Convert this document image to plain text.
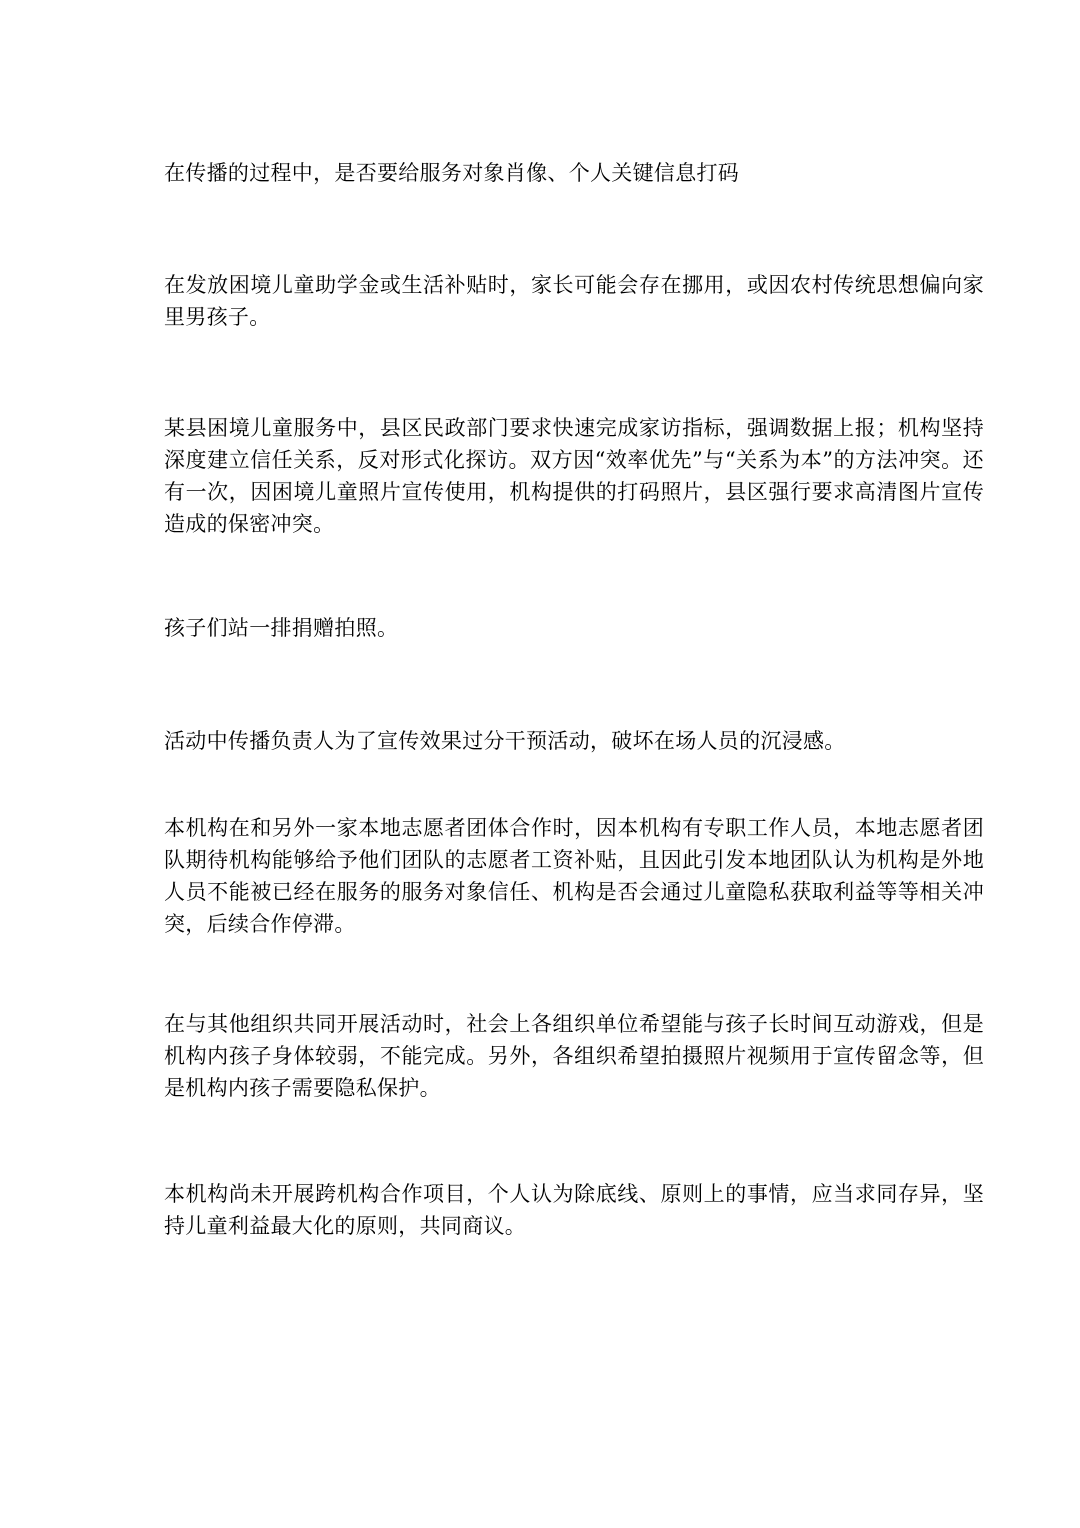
在传播的过程中，是否要给服务对象肖像、个人关键信息打码

在发放困境儿童助学金或生活补贴时，家长可能会存在挪用，或因农村传统思想偏向家里男孩子。

某县困境儿童服务中，县区民政部门要求快速完成家访指标，强调数据上报；机构坚持深度建立信任关系，反对形式化探访。双方因“效率优先”与“关系为本”的方法冲突。还有一次，因困境儿童照片宣传使用，机构提供的打码照片，县区强行要求高清图片宣传造成的保密冲突。

孩子们站一排捐赠拍照。

活动中传播负责人为了宣传效果过分干预活动，破坏在场人员的沉浸感。

本机构在和另外一家本地志愿者团体合作时，因本机构有专职工作人员，本地志愿者团队期待机构能够给予他们团队的志愿者工资补贴，且因此引发本地团队认为机构是外地人员不能被已经在服务的服务对象信任、机构是否会通过儿童隐私获取利益等等相关冲突，后续合作停滞。

在与其他组织共同开展活动时，社会上各组织单位希望能与孩子长时间互动游戏，但是机构内孩子身体较弱，不能完成。另外，各组织希望拍摄照片视频用于宣传留念等，但是机构内孩子需要隐私保护。

本机构尚未开展跨机构合作项目，个人认为除底线、原则上的事情，应当求同存异，坚持儿童利益最大化的原则，共同商议。
